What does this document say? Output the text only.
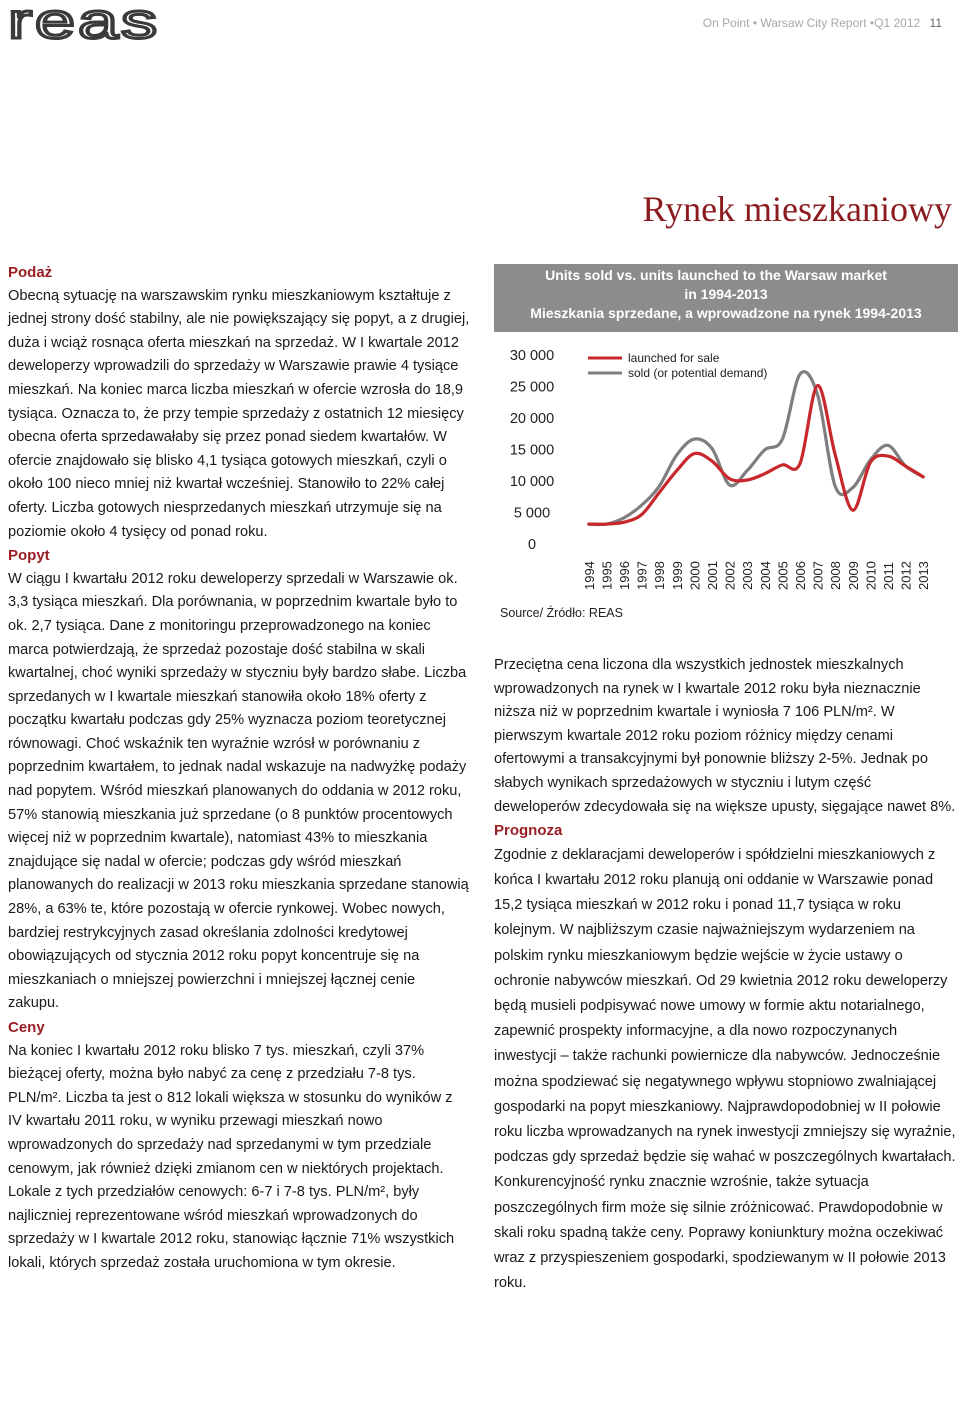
reas	On Point • Warsaw City Report •Q1 2012 11
Rynek mieszkaniowy

Podaż

Obecną sytuację na warszawskim rynku mieszkaniowym kształtuje z jednej strony dość stabilny, ale nie powiększający się popyt, a z drugiej, duża i wciąż rosnąca oferta mieszkań na sprzedaż. W I kwartale 2012 deweloperzy wprowadzili do sprzedaży w Warszawie prawie 4 tysiące mieszkań. Na koniec marca liczba mieszkań w ofercie wzrosła do 18,9 tysiąca. Oznacza to, że przy tempie sprzedaży z ostatnich 12 miesięcy obecna oferta sprzedawałaby się przez ponad siedem kwartałów. W ofercie znajdowało się blisko 4,1 tysiąca gotowych mieszkań, czyli o około 100 nieco mniej niż kwartał wcześniej. Stanowiło to 22% całej oferty. Liczba gotowych niesprzedanych mieszkań utrzymuje się na poziomie około 4 tysięcy od ponad roku.

Popyt

W ciągu I kwartału 2012 roku deweloperzy sprzedali w Warszawie ok. 3,3 tysiąca mieszkań. Dla porównania, w poprzednim kwartale było to ok. 2,7 tysiąca. Dane z monitoringu przeprowadzonego na koniec marca potwierdzają, że sprzedaż pozostaje dość stabilna w skali kwartalnej, choć wyniki sprzedaży w styczniu były bardzo słabe. Liczba sprzedanych w I kwartale mieszkań stanowiła około 18% oferty z początku kwartału podczas gdy 25% wyznacza poziom teoretycznej równowagi. Choć wskaźnik ten wyraźnie wzrósł w porównaniu z poprzednim kwartałem, to jednak nadal wskazuje na nadwyżkę podaży nad popytem. Wśród mieszkań planowanych do oddania w 2012 roku, 57% stanowią mieszkania już sprzedane (o 8 punktów procentowych więcej niż w poprzednim kwartale), natomiast 43% to mieszkania znajdujące się nadal w ofercie; podczas gdy wśród mieszkań planowanych do realizacji w 2013 roku mieszkania sprzedane stanowią 28%, a 63% te, które pozostają w ofercie rynkowej. Wobec nowych, bardziej restrykcyjnych zasad określania zdolności kredytowej obowiązujących od stycznia 2012 roku popyt koncentruje się na mieszkaniach o mniejszej powierzchni i mniejszej łącznej cenie zakupu.

Ceny

Na koniec I kwartału 2012 roku blisko 7 tys. mieszkań, czyli 37% bieżącej oferty, można było nabyć za cenę z przedziału 7-8 tys. PLN/m². Liczba ta jest o 812 lokali większa w stosunku do wyników z IV kwartału 2011 roku, w wyniku przewagi mieszkań nowo wprowadzonych do sprzedaży nad sprzedanymi w tym przedziale cenowym, jak również dzięki zmianom cen w niektórych projektach. Lokale z tych przedziałów cenowych: 6-7 i 7-8 tys. PLN/m², były najliczniej reprezentowane wśród mieszkań wprowadzonych do sprzedaży w I kwartale 2012 roku, stanowiąc łącznie 71% wszystkich lokali, których sprzedaż została uruchomiona w tym okresie.

Units sold vs. units launched to the Warsaw market
in 1994-2013
Mieszkania sprzedane, a wprowadzone na rynek 1994-2013
0
5 000
10 000
15 000
20 000
25 000
30 000
1994 1995 1996 1997 1998 1999 2000 2001 2002 2003 2004 2005 2006 2007 2008 2009 2010 2011 2012 2013
launched for sale
sold (or potential demand)
Source/ Źródło: REAS

Przeciętna cena liczona dla wszystkich jednostek mieszkalnych wprowadzonych na rynek w I kwartale 2012 roku była nieznacznie niższa niż w poprzednim kwartale i wyniosła 7 106 PLN/m². W pierwszym kwartale 2012 roku poziom różnicy między cenami ofertowymi a transakcyjnymi był ponownie bliższy 2-5%. Jednak po słabych wynikach sprzedażowych w styczniu i lutym część deweloperów zdecydowała się na większe upusty, sięgające nawet 8%.

Prognoza

Zgodnie z deklaracjami deweloperów i spółdzielni mieszkaniowych z końca I kwartału 2012 roku planują oni oddanie w Warszawie ponad 15,2 tysiąca mieszkań w 2012 roku i ponad 11,7 tysiąca w roku kolejnym. W najbliższym czasie najważniejszym wydarzeniem na polskim rynku mieszkaniowym będzie wejście w życie ustawy o ochronie nabywców mieszkań. Od 29 kwietnia 2012 roku deweloperzy będą musieli podpisywać nowe umowy w formie aktu notarialnego, zapewnić prospekty informacyjne, a dla nowo rozpoczynanych inwestycji – także rachunki powiernicze dla nabywców. Jednocześnie można spodziewać się negatywnego wpływu stopniowo zwalniającej gospodarki na popyt mieszkaniowy. Najprawdopodobniej w II połowie roku liczba wprowadzanych na rynek inwestycji zmniejszy się wyraźnie, podczas gdy sprzedaż będzie się wahać w poszczególnych kwartałach. Konkurencyjność rynku znacznie wzrośnie, także sytuacja poszczególnych firm może się silnie zróżnicować. Prawdopodobnie w skali roku spadną także ceny. Poprawy koniunktury można oczekiwać wraz z przyspieszeniem gospodarki, spodziewanym w II połowie 2013 roku.
